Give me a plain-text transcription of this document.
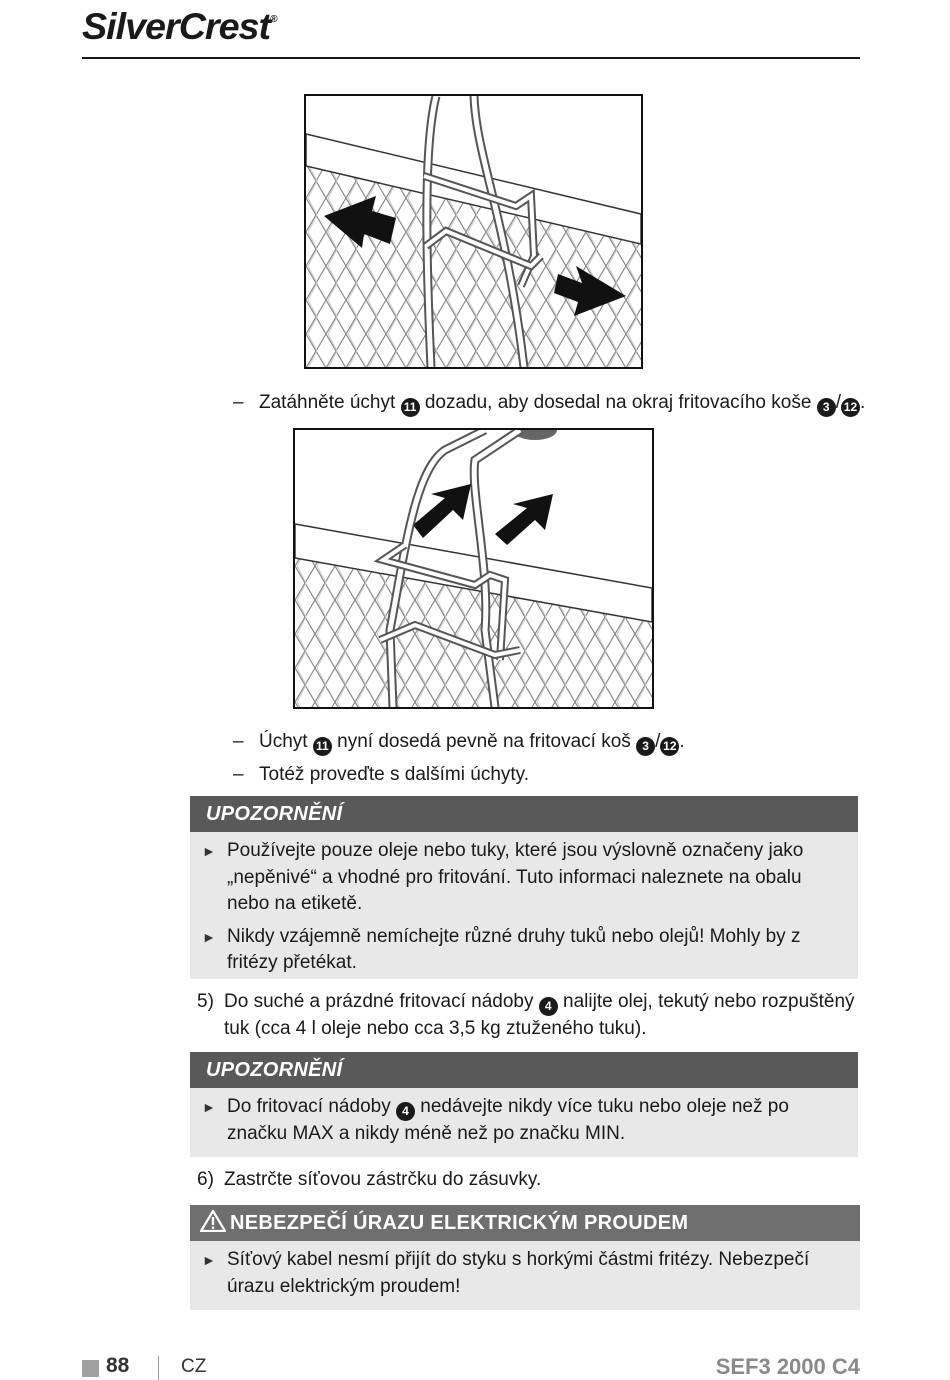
SilverCrest®
– Zatáhněte úchyt 11 dozadu, aby dosedal na okraj fritovacího koše 3 / 12 .
– Úchyt 11 nyní dosedá pevně na fritovací koš 3 / 12 .
– Totéž proveďte s dalšími úchyty.
UPOZORNĚNÍ
► Používejte pouze oleje nebo tuky, které jsou výslovně označeny jako „nepěnivé“ a vhodné pro fritování. Tuto informaci naleznete na obalu nebo na etiketě.
► Nikdy vzájemně nemíchejte různé druhy tuků nebo olejů! Mohly by z fritézy přetékat.
5) Do suché a prázdné fritovací nádoby 4 nalijte olej, tekutý nebo rozpuštěný tuk (cca 4 l oleje nebo cca 3,5 kg ztuženého tuku).
UPOZORNĚNÍ
► Do fritovací nádoby 4 nedávejte nikdy více tuku nebo oleje než po značku MAX a nikdy méně než po značku MIN.
6) Zastrčte síťovou zástrčku do zásuvky.
NEBEZPEČÍ ÚRAZU ELEKTRICKÝM PROUDEM
► Síťový kabel nesmí přijít do styku s horkými částmi fritézy. Nebezpečí úrazu elektrickým proudem!
88	CZ	SEF3 2000 C4
